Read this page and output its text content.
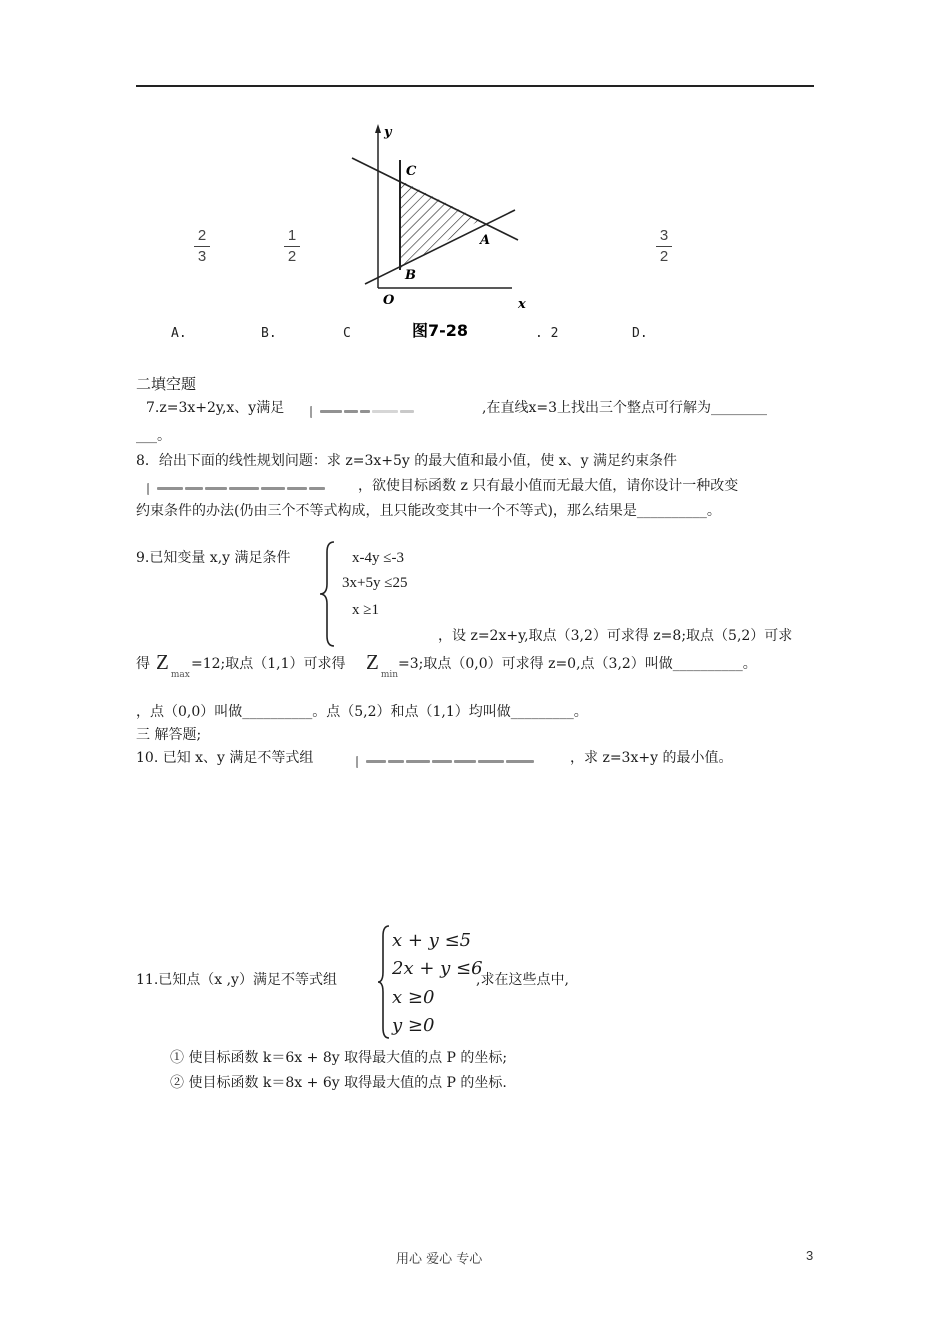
y
C
A
B
O	x
图7-28
2
3
1
2
3
2
A.	B.	C	. 2	D.
二填空题
7.z=3x+2y,x、y满足	,在直线x=3上找出三个整点可行解为________
___。
8．给出下面的线性规划问题：求 z=3x+5y 的最大值和最小值，使 x、y 满足约束条件
，欲使目标函数 z 只有最小值而无最大值，请你设计一种改变
约束条件的办法(仍由三个不等式构成，且只能改变其中一个不等式)，那么结果是__________。
9.已知变量 x,y 满足条件	x-4y ≤-3
3x+5y ≤25
x ≥1
，设 z=2x+y,取点（3,2）可求得 z=8;取点（5,2）可求
得 $Z_{max}$
=12;取点（1,1）可求得 $Z_{min}$
=3;取点（0,0）可求得 z=0,点（3,2）叫做__________。
，点（0,0）叫做__________。点（5,2）和点（1,1）均叫做_________。
三 解答题;
10. 已知 x、y 满足不等式组	，求 z=3x+y 的最小值。
11.已知点（x ,y）满足不等式组
x + y ≤5
2x + y ≤6
x ≥0
y ≥0
,求在这些点中,
① 使目标函数 k＝6x + 8y 取得最大值的点 P 的坐标;
② 使目标函数 k＝8x + 6y 取得最大值的点 P 的坐标.
用心 爱心 专心	3
